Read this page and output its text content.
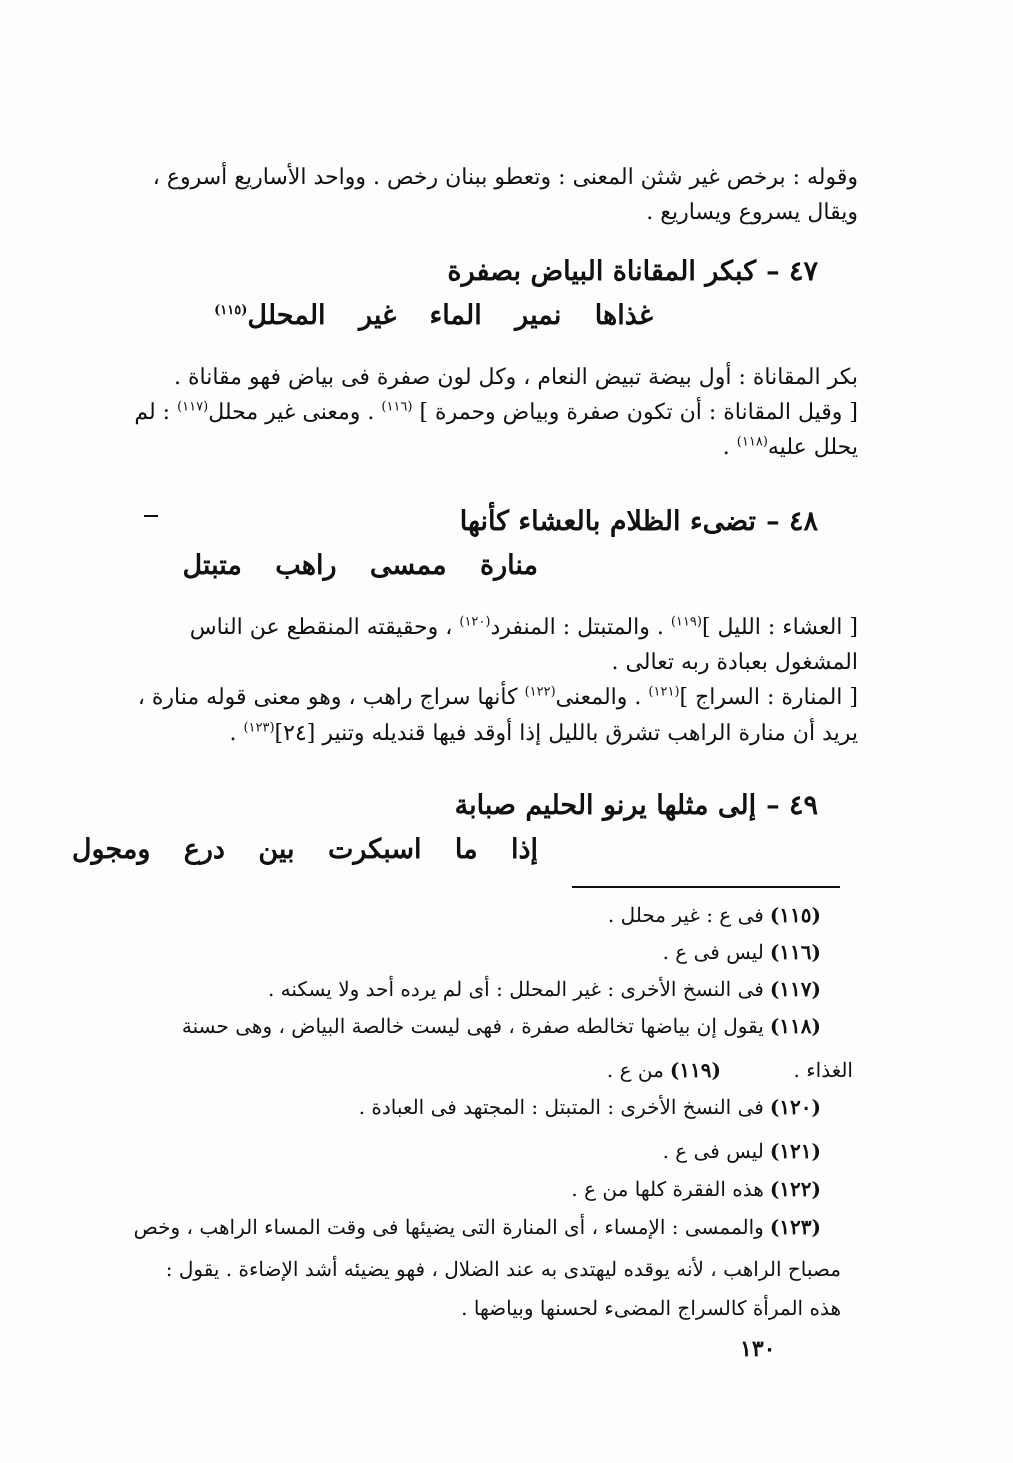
وقوله : برخص غير شثن المعنى : وتعطو ببنان رخص . وواحد الأساريع أسروع ،
ويقال يسروع ويساريع .
٤٧ –كبكر المقاناة البياض بصفرة
غذاها نمير الماء غير المحلل$^{(١١٥)}$
بكر المقاناة : أول بيضة تبيض النعام ، وكل لون صفرة فى بياض فهو مقاناة .
[ وقيل المقاناة : أن تكون صفرة وبياض وحمرة ] $^{(١١٦)}$ . ومعنى غير محلل$^{(١١٧)}$ : لم
يحلل عليه$^{(١١٨)}$ .
٤٨ –تضىء الظلام بالعشاء كأنها
منارة ممسى راهب متبتل
[ العشاء : الليل ]$^{(١١٩)}$ . والمتبتل : المنفرد$^{(١٢٠)}$ ، وحقيقته المنقطع عن الناس
المشغول بعبادة ربه تعالى .
[ المنارة : السراج ]$^{(١٢١)}$ . والمعنى$^{(١٢٢)}$ كأنها سراج راهب ، وهو معنى قوله منارة ،
يريد أن منارة الراهب تشرق بالليل إذا أوقد فيها قنديله وتنير [٢٤]$^{(١٢٣)}$ .
٤٩ –إلى مثلها يرنو الحليم صبابة
إذا ما اسبكرت بين درع ومجول
(١١٥)فى ع : غير محلل .
(١١٦)ليس فى ع .
(١١٧)فى النسخ الأخرى : غير المحلل : أى لم يرده أحد ولا يسكنه .
(١١٨)يقول إن بياضها تخالطه صفرة ، فهى ليست خالصة البياض ، وهى حسنة
الغذاء .
(١١٩)من ع .
(١٢٠)فى النسخ الأخرى : المتبتل : المجتهد فى العبادة .
(١٢١)ليس فى ع .
(١٢٢)هذه الفقرة كلها من ع .
(١٢٣)والممسى : الإمساء ، أى المنارة التى يضيئها فى وقت المساء الراهب ، وخص
مصباح الراهب ، لأنه يوقده ليهتدى به عند الضلال ، فهو يضيئه أشد الإضاءة . يقول :
هذه المرأة كالسراج المضىء لحسنها وبياضها .
١٣٠
